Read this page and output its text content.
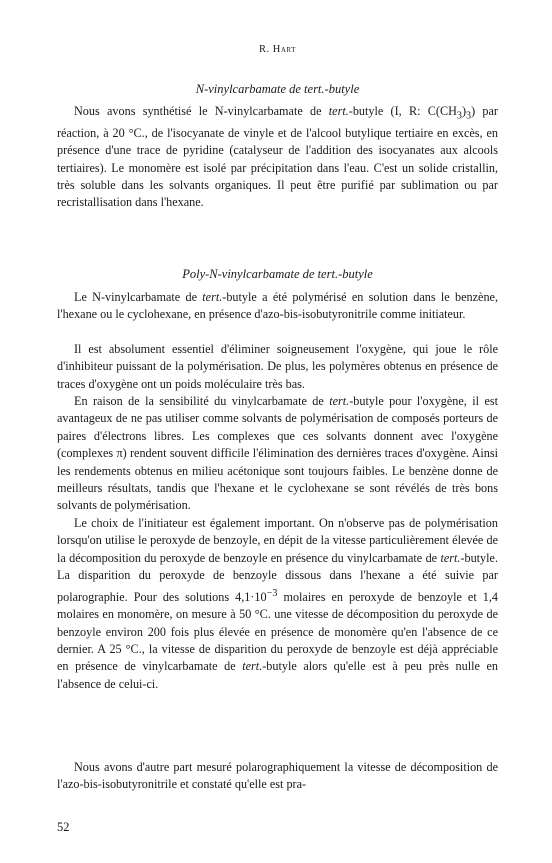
R. Hart
N-vinylcarbamate de tert.-butyle

Nous avons synthétisé le N-vinylcarbamate de tert.-butyle (I, R: $C(CH_3)_3$) par réaction, à 20 °C., de l'isocyanate de vinyle et de l'alcool butylique tertiaire en excès, en présence d'une trace de pyridine (catalyseur de l'addition des isocyanates aux alcools tertiaires). Le monomère est isolé par précipitation dans l'eau. C'est un solide cristallin, très soluble dans les solvants organiques. Il peut être purifié par sublimation ou par recristallisation dans l'hexane.

Poly-N-vinylcarbamate de tert.-butyle

Le N-vinylcarbamate de tert.-butyle a été polymérisé en solution dans le benzène, l'hexane ou le cyclohexane, en présence d'azo-bis-isobutyronitrile comme initiateur.

Il est absolument essentiel d'éliminer soigneusement l'oxygène, qui joue le rôle d'inhibiteur puissant de la polymérisation. De plus, les polymères obtenus en présence de traces d'oxygène ont un poids moléculaire très bas.

En raison de la sensibilité du vinylcarbamate de tert.-butyle pour l'oxygène, il est avantageux de ne pas utiliser comme solvants de polymérisation de composés porteurs de paires d'électrons libres. Les complexes que ces solvants donnent avec l'oxygène (complexes π) rendent souvent difficile l'élimination des dernières traces d'oxygène. Ainsi les rendements obtenus en milieu acétonique sont toujours faibles. Le benzène donne de meilleurs résultats, tandis que l'hexane et le cyclohexane se sont révélés de très bons solvants de polymérisation.

Le choix de l'initiateur est également important. On n'observe pas de polymérisation lorsqu'on utilise le peroxyde de benzoyle, en dépit de la vitesse particulièrement élevée de la décomposition du peroxyde de benzoyle en présence du vinylcarbamate de tert.-butyle. La disparition du peroxyde de benzoyle dissous dans l'hexane a été suivie par polarographie. Pour des solutions $4,1\cdot 10^{-3}$ molaires en peroxyde de benzoyle et 1,4 molaires en monomère, on mesure à 50 °C. une vitesse de décomposition du peroxyde de benzoyle environ 200 fois plus élevée en présence de monomère qu'en l'absence de ce dernier. A 25 °C., la vitesse de disparition du peroxyde de benzoyle est déjà appréciable en présence de vinylcarbamate de tert.-butyle alors qu'elle est à peu près nulle en l'absence de celui-ci.

Nous avons d'autre part mesuré polarographiquement la vitesse de décomposition de l'azo-bis-isobutyronitrile et constaté qu'elle est pra-

52
